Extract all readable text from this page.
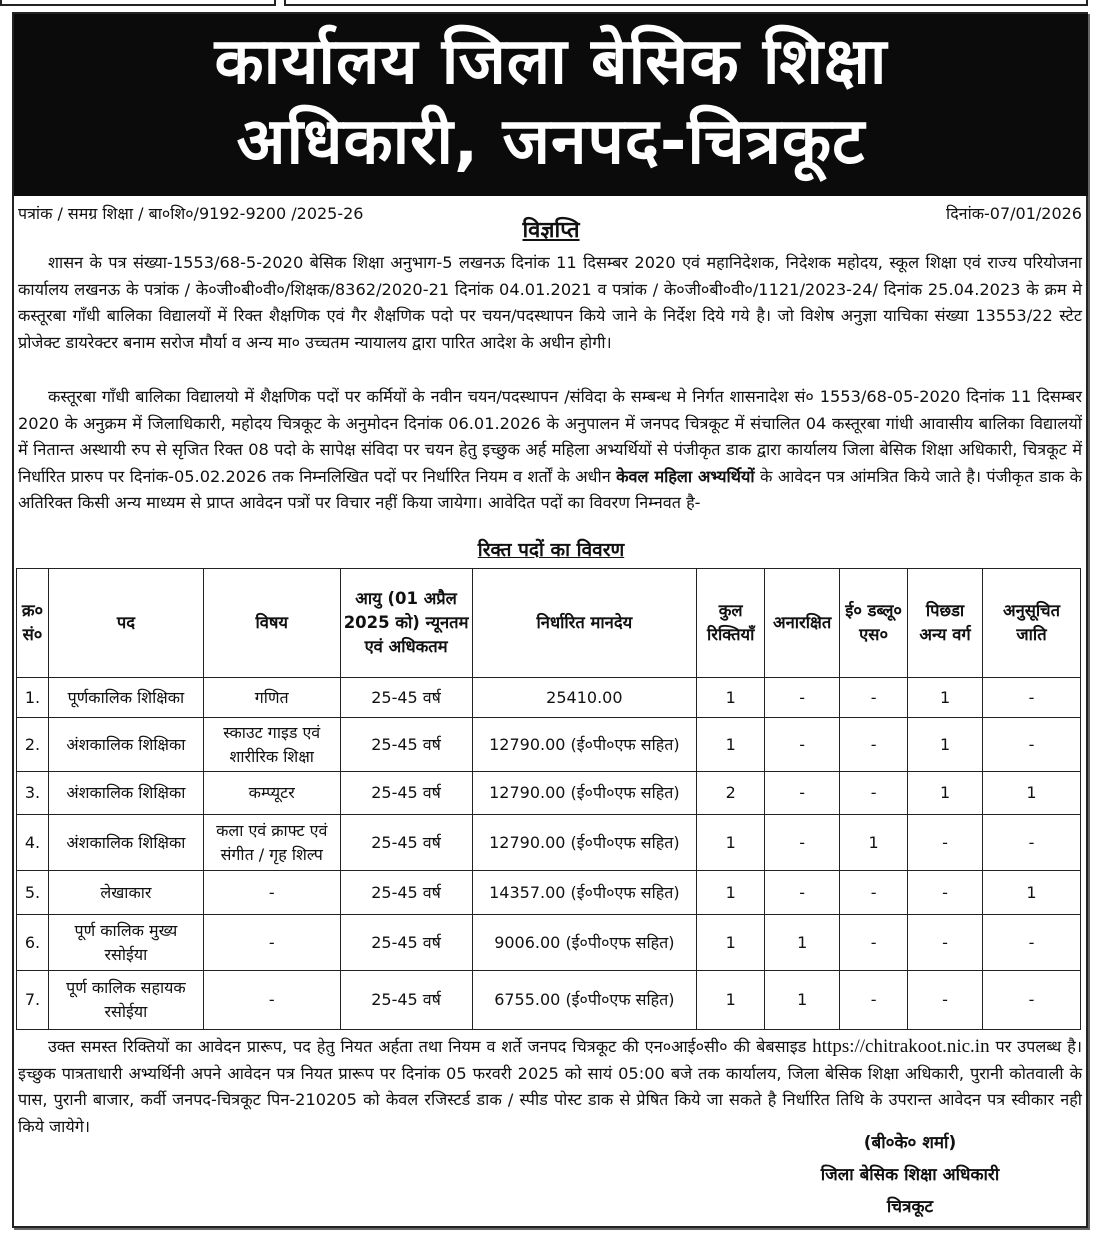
कार्यालय जिला बेसिक शिक्षा
अधिकारी, जनपद-चित्रकूट
पत्रांक / समग्र शिक्षा / बा०शि०/9192-9200 /2025-26	दिनांक-07/01/2026
विज्ञप्ति
शासन के पत्र संख्या-1553/68-5-2020 बेसिक शिक्षा अनुभाग-5 लखनऊ दिनांक 11 दिसम्बर 2020 एवं महानिदेशक, निदेशक महोदय, स्कूल शिक्षा एवं राज्य परियोजना कार्यालय लखनऊ के पत्रांक / के०जी०बी०वी०/शिक्षक/8362/2020-21 दिनांक 04.01.2021 व पत्रांक / के०जी०बी०वी०/1121/2023-24/ दिनांक 25.04.2023 के क्रम मे कस्तूरबा गाँधी बालिका विद्यालयों में रिक्त शैक्षणिक एवं गैर शैक्षणिक पदो पर चयन/पदस्थापन किये जाने के निर्देश दिये गये है। जो विशेष अनुज्ञा याचिका संख्या 13553/22 स्टेट प्रोजेक्ट डायरेक्टर बनाम सरोज मौर्या व अन्य मा० उच्चतम न्यायालय द्वारा पारित आदेश के अधीन होगी।
कस्तूरबा गाँधी बालिका विद्यालयो में शैक्षणिक पदों पर कर्मियों के नवीन चयन/पदस्थापन /संविदा के सम्बन्ध मे निर्गत शासनादेश सं० 1553/68-05-2020 दिनांक 11 दिसम्बर 2020 के अनुक्रम में जिलाधिकारी, महोदय चित्रकूट के अनुमोदन दिनांक 06.01.2026 के अनुपालन में जनपद चित्रकूट में संचालित 04 कस्तूरबा गांधी आवासीय बालिका विद्यालयों में नितान्त अस्थायी रुप से सृजित रिक्त 08 पदो के सापेक्ष संविदा पर चयन हेतु इच्छुक अर्ह महिला अभ्यर्थियों से पंजीकृत डाक द्वारा कार्यालय जिला बेसिक शिक्षा अधिकारी, चित्रकूट में निर्धारित प्रारुप पर दिनांक-05.02.2026 तक निम्नलिखित पदों पर निर्धारित नियम व शर्तों के अधीन केवल महिला अभ्यर्थियों के आवेदन पत्र आंमत्रित किये जाते है। पंजीकृत डाक के अतिरिक्त किसी अन्य माध्यम से प्राप्त आवेदन पत्रों पर विचार नहीं किया जायेगा। आवेदित पदों का विवरण निम्नवत है-
रिक्त पदों का विवरण
क्र० सं०	पद	विषय	आयु (01 अप्रैल 2025 को) न्यूनतम एवं अधिकतम	निर्धारित मानदेय	कुल रिक्तियाँ	अनारक्षित	ई० डब्लू० एस०	पिछडा अन्य वर्ग	अनुसूचित जाति
1.	पूर्णकालिक शिक्षिका	गणित	25-45 वर्ष	25410.00	1	-	-	1	-
2.	अंशकालिक शिक्षिका	स्काउट गाइड एवं शारीरिक शिक्षा	25-45 वर्ष	12790.00 (ई०पी०एफ सहित)	1	-	-	1	-
3.	अंशकालिक शिक्षिका	कम्प्यूटर	25-45 वर्ष	12790.00 (ई०पी०एफ सहित)	2	-	-	1	1
4.	अंशकालिक शिक्षिका	कला एवं क्राफ्ट एवं संगीत / गृह शिल्प	25-45 वर्ष	12790.00 (ई०पी०एफ सहित)	1	-	1	-	-
5.	लेखाकार	-	25-45 वर्ष	14357.00 (ई०पी०एफ सहित)	1	-	-	-	1
6.	पूर्ण कालिक मुख्य रसोईया	-	25-45 वर्ष	9006.00 (ई०पी०एफ सहित)	1	1	-	-	-
7.	पूर्ण कालिक सहायक रसोईया	-	25-45 वर्ष	6755.00 (ई०पी०एफ सहित)	1	1	-	-	-
उक्त समस्त रिक्तियों का आवेदन प्रारूप, पद हेतु नियत अर्हता तथा नियम व शर्ते जनपद चित्रकूट की एन०आई०सी० की बेबसाइड https://chitrakoot.nic.in पर उपलब्ध है। इच्छुक पात्रताधारी अभ्यर्थिनी अपने आवेदन पत्र नियत प्रारूप पर दिनांक 05 फरवरी 2025 को सायं 05:00 बजे तक कार्यालय, जिला बेसिक शिक्षा अधिकारी, पुरानी कोतवाली के पास, पुरानी बाजार, कर्वी जनपद-चित्रकूट पिन-210205 को केवल रजिस्टर्ड डाक / स्पीड पोस्ट डाक से प्रेषित किये जा सकते है निर्धारित तिथि के उपरान्त आवेदन पत्र स्वीकार नही किये जायेगे।
(बी०के० शर्मा)
जिला बेसिक शिक्षा अधिकारी
चित्रकूट
